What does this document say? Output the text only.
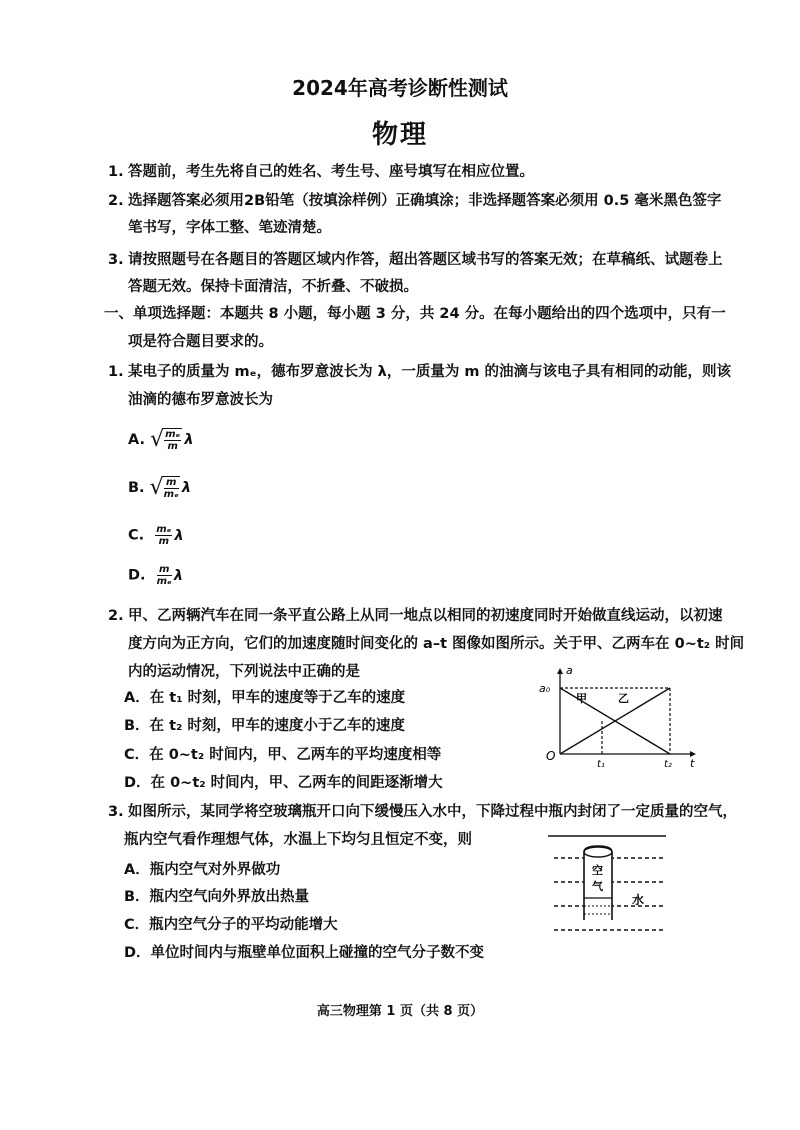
2024年高考诊断性测试
物理
1. 答题前，考生先将自己的姓名、考生号、座号填写在相应位置。
2. 选择题答案必须用2B铅笔（按填涂样例）正确填涂；非选择题答案必须用 0.5 毫米黑色签字
笔书写，字体工整、笔迹清楚。
3. 请按照题号在各题目的答题区域内作答，超出答题区域书写的答案无效；在草稿纸、试题卷上
答题无效。保持卡面清洁，不折叠、不破损。
一、单项选择题：本题共 8 小题，每小题 3 分，共 24 分。在每小题给出的四个选项中，只有一
项是符合题目要求的。
1. 某电子的质量为 mₑ，德布罗意波长为 λ，一质量为 m 的油滴与该电子具有相同的动能，则该
油滴的德布罗意波长为
A. √ $\frac{\text{mₑ}}{m}$ λ
B. √ $\frac{m}{\text{mₑ}}$ λ
C. $\frac{\text{mₑ}}{m}$ λ
D. $\frac{m}{\text{mₑ}}$ λ
2. 甲、乙两辆汽车在同一条平直公路上从同一地点以相同的初速度同时开始做直线运动，以初速
度方向为正方向，它们的加速度随时间变化的 a–t 图像如图所示。关于甲、乙两车在 0~t₂ 时间
内的运动情况，下列说法中正确的是
A．在 t₁ 时刻，甲车的速度等于乙车的速度
B．在 t₂ 时刻，甲车的速度小于乙车的速度
C．在 0~t₂ 时间内，甲、乙两车的平均速度相等
D．在 0~t₂ 时间内，甲、乙两车的间距逐渐增大
a
a₀
O
t
t₁	t₂
甲	乙
3. 如图所示，某同学将空玻璃瓶开口向下缓慢压入水中，下降过程中瓶内封闭了一定质量的空气，
瓶内空气看作理想气体，水温上下均匀且恒定不变，则
A．瓶内空气对外界做功
B．瓶内空气向外界放出热量
C．瓶内空气分子的平均动能增大
D．单位时间内与瓶壁单位面积上碰撞的空气分子数不变
空
气
水
高三物理第 1 页（共 8 页）
